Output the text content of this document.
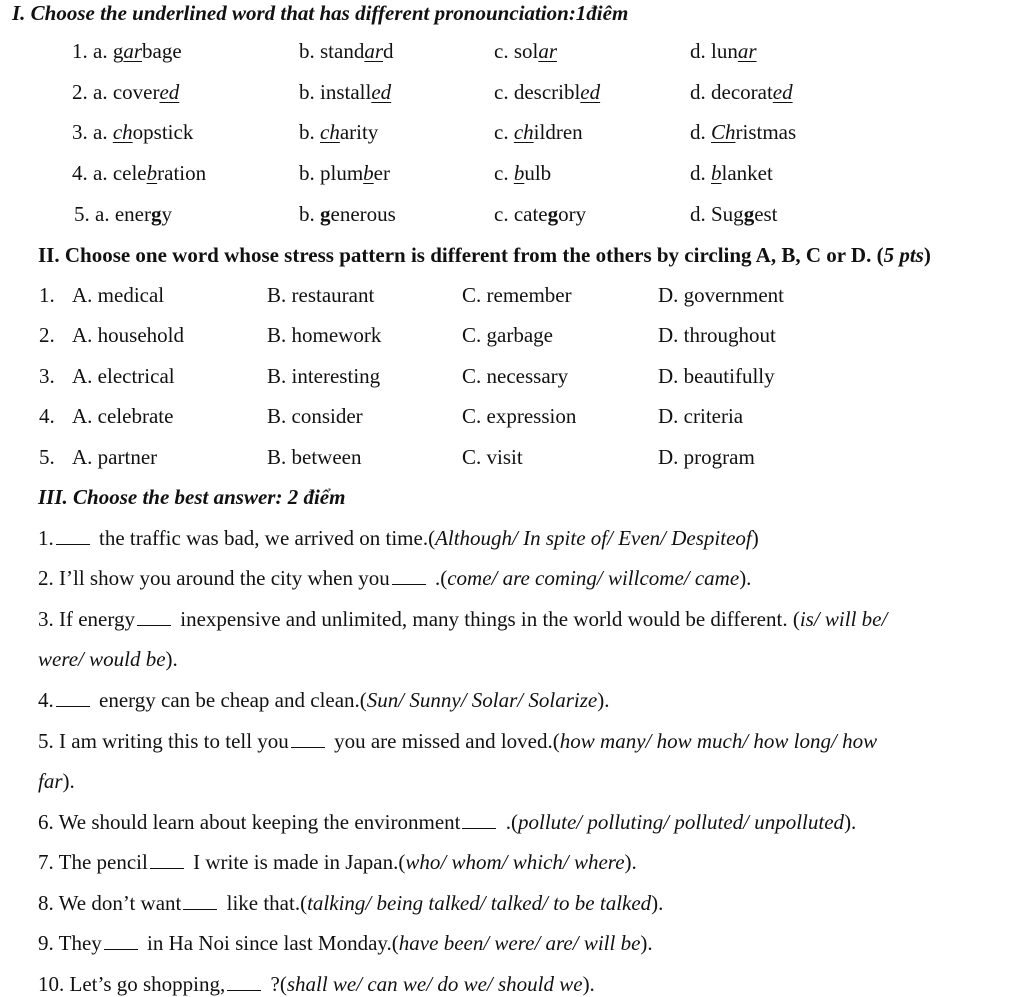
I. Choose the underlined word that has different pronounciation:1điêm
1. a. garbage	b. standard	c. solar	d. lunar
2. a. covered	b. installed	c. describled	d. decorated
3. a. chopstick	b. charity	c. children	d. Christmas
4. a. celebration	b. plumber	c. bulb	d. blanket
5. a. energy	b. generous	c. category	d. Suggest
II. Choose one word whose stress pattern is different from the others by circling A, B, C or D. (5 pts)
1. A. medical	B. restaurant	C. remember	D. government
2. A. household	B. homework	C. garbage	D. throughout
3. A. electrical	B. interesting	C. necessary	D. beautifully
4. A. celebrate	B. consider	C. expression	D. criteria
5. A. partner	B. between	C. visit	D. program
III. Choose the best answer: 2 điểm
1. the traffic was bad, we arrived on time.(Although/ In spite of/ Even/ Despiteof)
2. I’ll show you around the city when you .(come/ are coming/ willcome/ came).
3. If energy inexpensive and unlimited, many things in the world would be different. (is/ will be/
were/ would be).
4. energy can be cheap and clean.(Sun/ Sunny/ Solar/ Solarize).
5. I am writing this to tell you you are missed and loved.(how many/ how much/ how long/ how
far).
6. We should learn about keeping the environment .(pollute/ polluting/ polluted/ unpolluted).
7. The pencil I write is made in Japan.(who/ whom/ which/ where).
8. We don’t want like that.(talking/ being talked/ talked/ to be talked).
9. They in Ha Noi since last Monday.(have been/ were/ are/ will be).
10. Let’s go shopping, ?(shall we/ can we/ do we/ should we).
